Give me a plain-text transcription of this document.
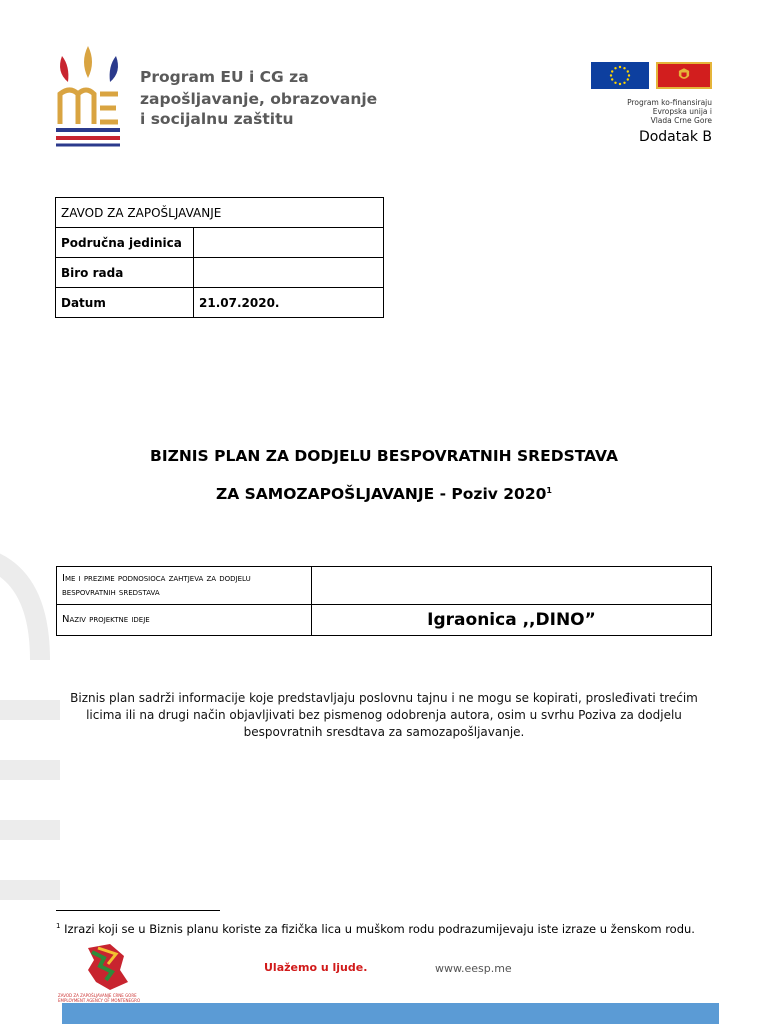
Program EU i CG za
zapošljavanje, obrazovanje
i socijalnu zaštitu
Program ko-finansiraju
Evropska unija i
Vlada Crne Gore
Dodatak B
ZAVOD ZA ZAPOŠLJAVANJE	
Područna jedinica	
Biro rada	
Datum	21.07.2020.
BIZNIS PLAN ZA DODJELU BESPOVRATNIH SREDSTAVA
ZA SAMOZAPOŠLJAVANJE - Poziv 2020$^1$
Ime i prezime podnosioca zahtjeva za dodjelu bespovratnih sredstava	
Naziv projektne ideje	Igraonica ,,DINO”
Biznis plan sadrži informacije koje predstavljaju poslovnu tajnu i ne mogu se kopirati, prosleđivati trećim licima ili na drugi način objavljivati bez pismenog odobrenja autora, osim u svrhu Poziva za dodjelu bespovratnih sresdtava za samozapošljavanje.
$^1$ Izrazi koji se u Biznis planu koriste za fizička lica u muškom rodu podrazumijevaju iste izraze u ženskom rodu.
ZAVOD ZA ZAPOŠLJAVANJE CRNE GORE
EMPLOYMENT AGENCY OF MONTENEGRO
Ulažemo u ljude.	www.eesp.me
